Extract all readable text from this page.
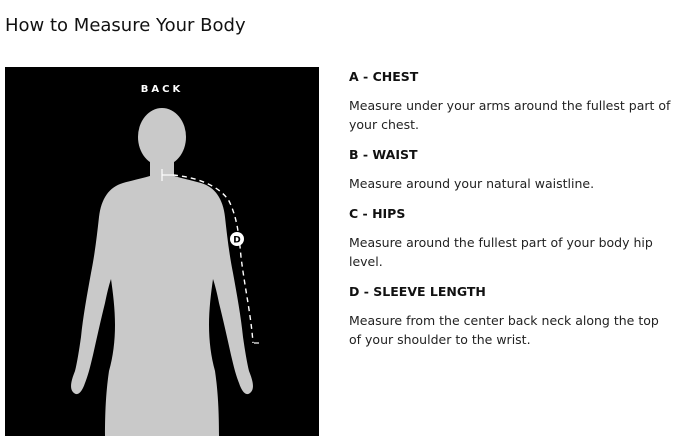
How to Measure Your Body
D
BACK
A - CHEST
Measure under your arms around the fullest part of your chest.
B - WAIST
Measure around your natural waistline.
C - HIPS
Measure around the fullest part of your body hip level.
D - SLEEVE LENGTH
Measure from the center back neck along the top of your shoulder to the wrist.
